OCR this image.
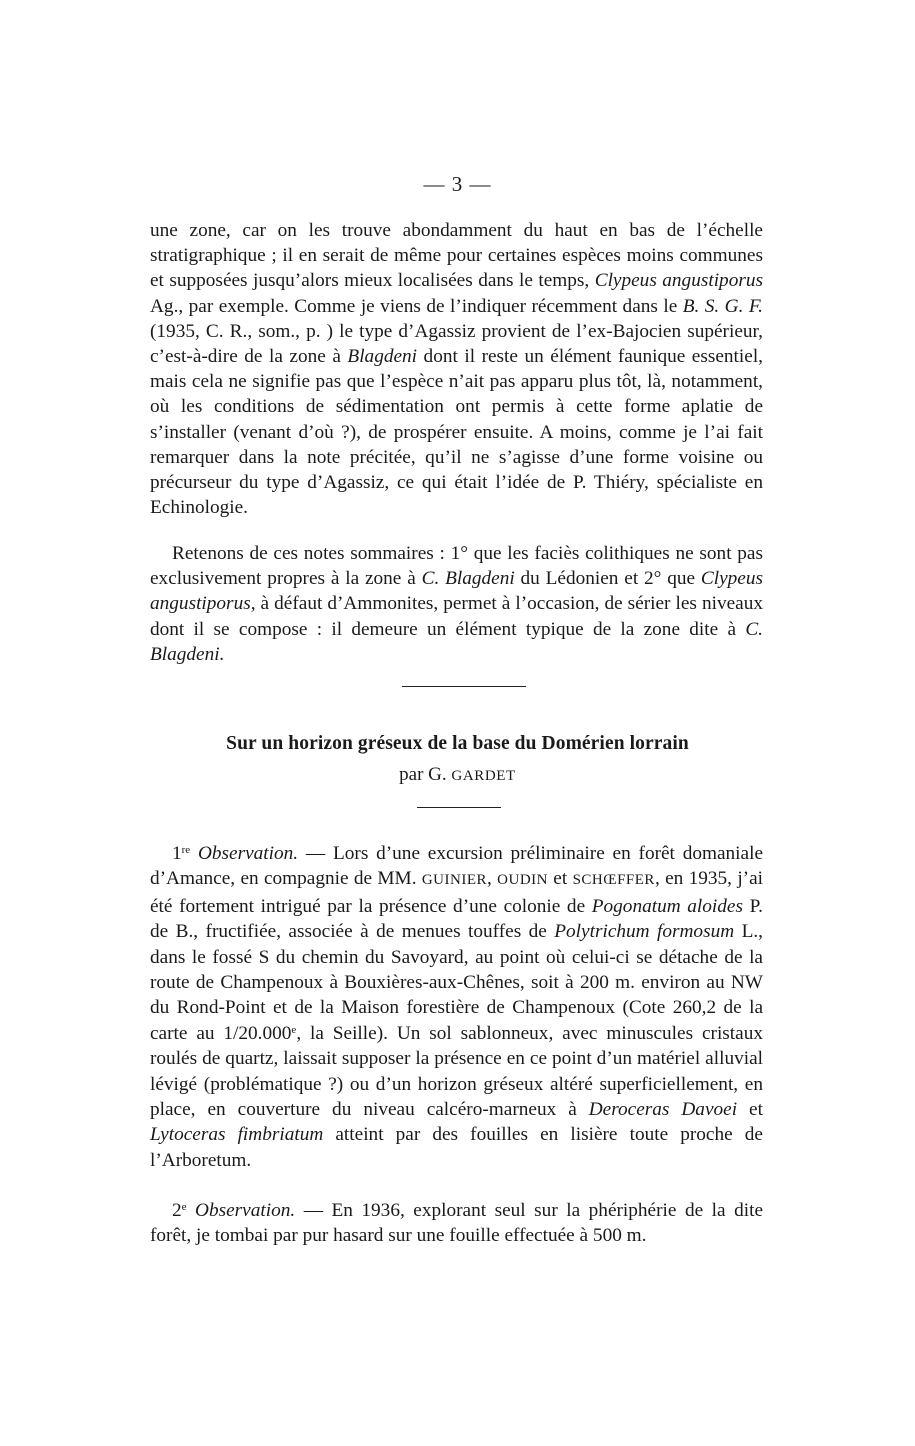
— 3 —

une zone, car on les trouve abondamment du haut en bas de l’échelle stratigraphique ; il en serait de même pour certaines espèces moins communes et supposées jusqu’alors mieux localisées dans le temps, Clypeus angustiporus Ag., par exemple. Comme je viens de l’indiquer récemment dans le B. S. G. F. (1935, C. R., som., p. ) le type d’Agassiz provient de l’ex-Bajocien supérieur, c’est-à-dire de la zone à Blagdeni dont il reste un élément faunique essentiel, mais cela ne signifie pas que l’espèce n’ait pas apparu plus tôt, là, notamment, où les conditions de sédimentation ont permis à cette forme aplatie de s’installer (venant d’où ?), de prospérer ensuite. A moins, comme je l’ai fait remarquer dans la note précitée, qu’il ne s’agisse d’une forme voisine ou précurseur du type d’Agassiz, ce qui était l’idée de P. Thiéry, spécialiste en Echinologie.

Retenons de ces notes sommaires : 1° que les faciès colithiques ne sont pas exclusivement propres à la zone à C. Blagdeni du Lédonien et 2° que Clypeus angustiporus, à défaut d’Ammonites, permet à l’occasion, de sérier les niveaux dont il se compose : il demeure un élément typique de la zone dite à C. Blagdeni.

Sur un horizon gréseux de la base du Domérien lorrain
par G. GARDET

1re Observation. — Lors d’une excursion préliminaire en forêt domaniale d’Amance, en compagnie de MM. GUINIER, OUDIN et SCHŒFFER, en 1935, j’ai été fortement intrigué par la présence d’une colonie de Pogonatum aloides P. de B., fructifiée, associée à de menues touffes de Polytrichum formosum L., dans le fossé S du chemin du Savoyard, au point où celui-ci se détache de la route de Champenoux à Bouxières-aux-Chênes, soit à 200 m. environ au NW du Rond-Point et de la Maison forestière de Champenoux (Cote 260,2 de la carte au 1/20.000e, la Seille). Un sol sablonneux, avec minuscules cristaux roulés de quartz, laissait supposer la présence en ce point d’un matériel alluvial lévigé (problématique ?) ou d’un horizon gréseux altéré superficiellement, en place, en couverture du niveau calcéro-marneux à Deroceras Davoei et Lytoceras fimbriatum atteint par des fouilles en lisière toute proche de l’Arboretum.

2e Observation. — En 1936, explorant seul sur la phériphérie de la dite forêt, je tombai par pur hasard sur une fouille effectuée à 500 m.
